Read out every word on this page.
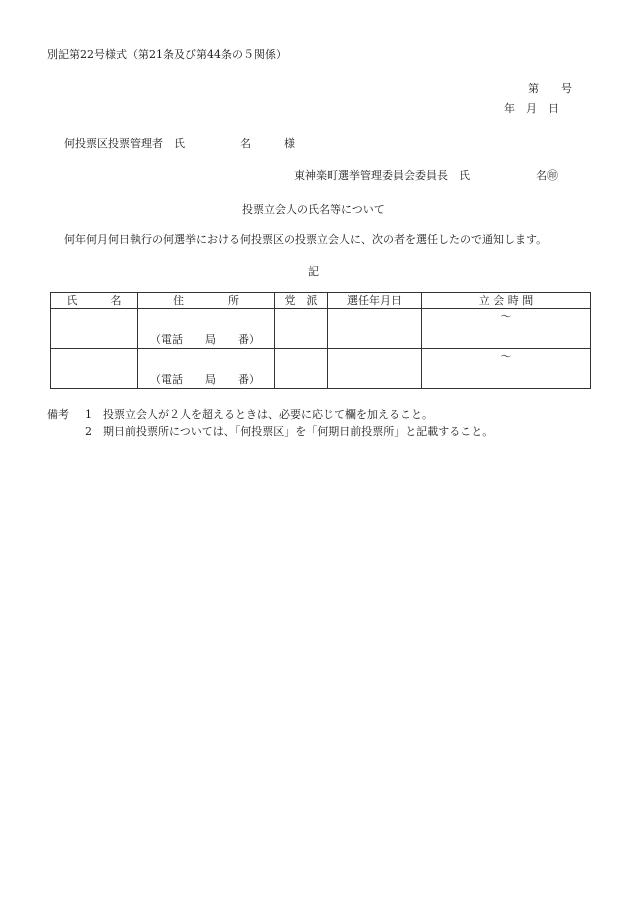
別記第22号様式（第21条及び第44条の５関係）
第　　号
年　月　日
何投票区投票管理者　氏　　　　　名　　　様
東神楽町選挙管理委員会委員長　氏　　　　　　名㊞
投票立会人の氏名等について
何年何月何日執行の何選挙における何投票区の投票立会人に、次の者を選任したので通知します。
記
氏　　　名	住　　　　所	党　派	選任年月日	立 会 時 間

	（電話　　局　　番）			～

	（電話　　局　　番）			～
備考 1 投票立会人が２人を超えるときは、必要に応じて欄を加えること。
2 期日前投票所については、「何投票区」を「何期日前投票所」と記載すること。
